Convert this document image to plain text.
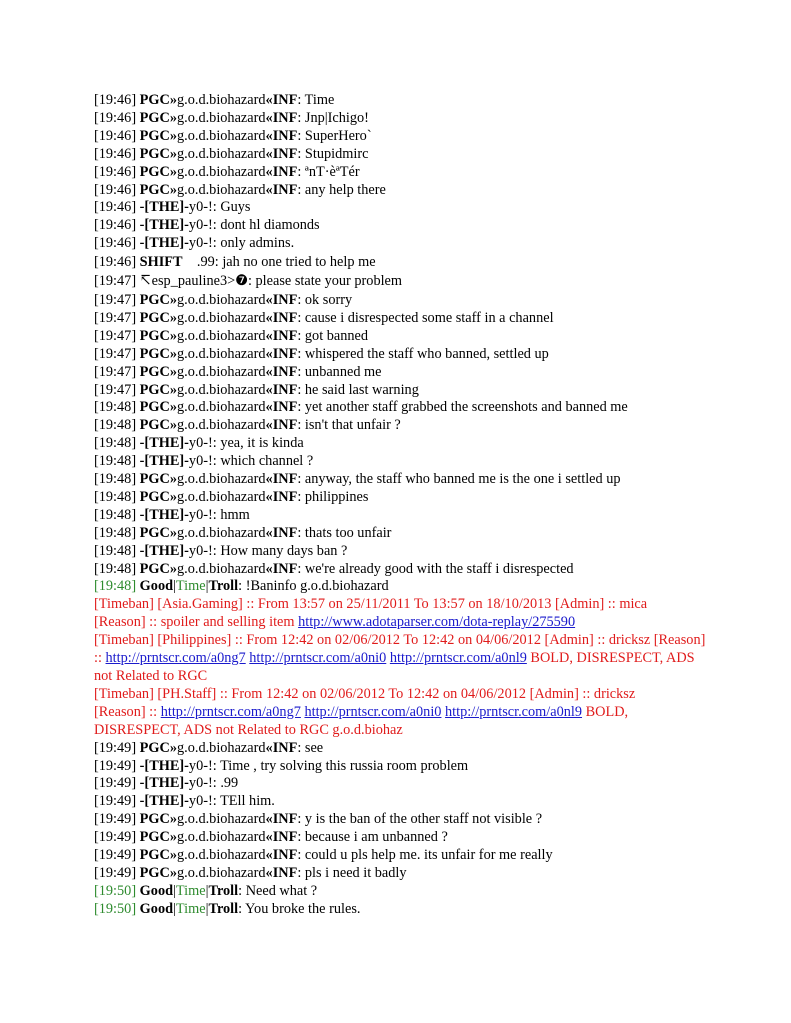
[19:46] PGC»g.o.d.biohazard«INF: Time
[19:46] PGC»g.o.d.biohazard«INF: Jnp|Ichigo!
[19:46] PGC»g.o.d.biohazard«INF: SuperHero`
[19:46] PGC»g.o.d.biohazard«INF: Stupidmirc
[19:46] PGC»g.o.d.biohazard«INF: ªnT·èªTér
[19:46] PGC»g.o.d.biohazard«INF: any help there
[19:46] -[THE]-y0-!: Guys
[19:46] -[THE]-y0-!: dont hl diamonds
[19:46] -[THE]-y0-!: only admins.
[19:46] SHIFT .99: jah no one tried to help me
[19:47] ↸esp_pauline3>❼: please state your problem
[19:47] PGC»g.o.d.biohazard«INF: ok sorry
[19:47] PGC»g.o.d.biohazard«INF: cause i disrespected some staff in a channel
[19:47] PGC»g.o.d.biohazard«INF: got banned
[19:47] PGC»g.o.d.biohazard«INF: whispered the staff who banned, settled up
[19:47] PGC»g.o.d.biohazard«INF: unbanned me
[19:47] PGC»g.o.d.biohazard«INF: he said last warning
[19:48] PGC»g.o.d.biohazard«INF: yet another staff grabbed the screenshots and banned me
[19:48] PGC»g.o.d.biohazard«INF: isn't that unfair ?
[19:48] -[THE]-y0-!: yea, it is kinda
[19:48] -[THE]-y0-!: which channel ?
[19:48] PGC»g.o.d.biohazard«INF: anyway, the staff who banned me is the one i settled up
[19:48] PGC»g.o.d.biohazard«INF: philippines
[19:48] -[THE]-y0-!: hmm
[19:48] PGC»g.o.d.biohazard«INF: thats too unfair
[19:48] -[THE]-y0-!: How many days ban ?
[19:48] PGC»g.o.d.biohazard«INF: we're already good with the staff i disrespected
[19:48] Good|Time|Troll: !Baninfo g.o.d.biohazard
[Timeban] [Asia.Gaming] :: From 13:57 on 25/11/2011 To 13:57 on 18/10/2013 [Admin] :: mica
[Reason] :: spoiler and selling item http://www.adotaparser.com/dota-replay/275590
[Timeban] [Philippines] :: From 12:42 on 02/06/2012 To 12:42 on 04/06/2012 [Admin] :: dricksz [Reason] :: http://prntscr.com/a0ng7 http://prntscr.com/a0ni0 http://prntscr.com/a0nl9 BOLD, DISRESPECT, ADS not Related to RGC
[Timeban] [PH.Staff] :: From 12:42 on 02/06/2012 To 12:42 on 04/06/2012 [Admin] :: dricksz
[Reason] :: http://prntscr.com/a0ng7 http://prntscr.com/a0ni0 http://prntscr.com/a0nl9 BOLD, DISRESPECT, ADS not Related to RGC g.o.d.biohaz
[19:49] PGC»g.o.d.biohazard«INF: see
[19:49] -[THE]-y0-!: Time , try solving this russia room problem
[19:49] -[THE]-y0-!: .99
[19:49] -[THE]-y0-!: TEll him.
[19:49] PGC»g.o.d.biohazard«INF: y is the ban of the other staff not visible ?
[19:49] PGC»g.o.d.biohazard«INF: because i am unbanned ?
[19:49] PGC»g.o.d.biohazard«INF: could u pls help me. its unfair for me really
[19:49] PGC»g.o.d.biohazard«INF: pls i need it badly
[19:50] Good|Time|Troll: Need what ?
[19:50] Good|Time|Troll: You broke the rules.
